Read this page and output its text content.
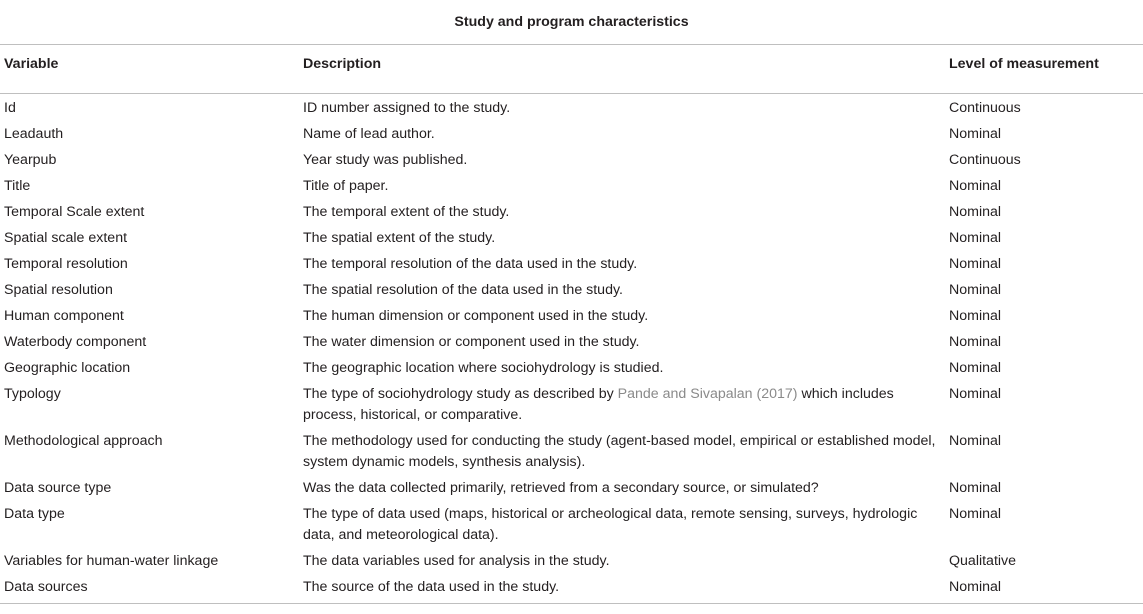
Study and program characteristics		
Variable	Description	Level of measurement
Id	ID number assigned to the study.	Continuous
Leadauth	Name of lead author.	Nominal
Yearpub	Year study was published.	Continuous
Title	Title of paper.	Nominal
Temporal Scale extent	The temporal extent of the study.	Nominal
Spatial scale extent	The spatial extent of the study.	Nominal
Temporal resolution	The temporal resolution of the data used in the study.	Nominal
Spatial resolution	The spatial resolution of the data used in the study.	Nominal
Human component	The human dimension or component used in the study.	Nominal
Waterbody component	The water dimension or component used in the study.	Nominal
Geographic location	The geographic location where sociohydrology is studied.	Nominal
Typology	The type of sociohydrology study as described by Pande and Sivapalan (2017) which includes process, historical, or comparative.	Nominal
Methodological approach	The methodology used for conducting the study (agent-based model, empirical or established model, system dynamic models, synthesis analysis).	Nominal
Data source type	Was the data collected primarily, retrieved from a secondary source, or simulated?	Nominal
Data type	The type of data used (maps, historical or archeological data, remote sensing, surveys, hydrologic data, and meteorological data).	Nominal
Variables for human-water linkage	The data variables used for analysis in the study.	Qualitative
Data sources	The source of the data used in the study.	Nominal
